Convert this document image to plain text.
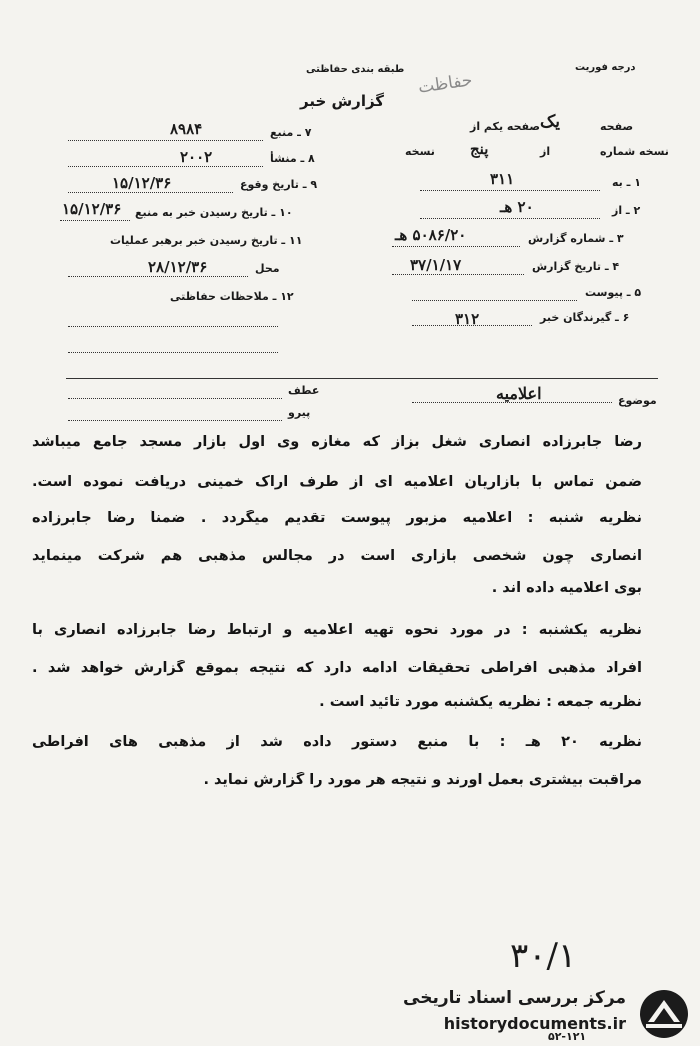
درجه فوریت
طبقه بندی حفاظتی
حفاظت
گزارش خبر
صفحه
یک
صفحه یکم از
نسخه شماره
از
پنج
نسخه
۱ ـ به
۳۱۱
۲ ـ از
۲۰ هـ
۳ ـ شماره گزارش
۵۰۸۶/۲۰ هـ
۴ ـ تاریخ گزارش
۳۷/۱/۱۷
۵ ـ پیوست
۶ ـ گیرندگان خبر
۳۱۲
۷ ـ منبع
۸۹۸۴
۸ ـ منشأ
۲۰۰۲
۹ ـ تاریخ وقوع
۱۵/۱۲/۳۶
۱۰ ـ تاریخ رسیدن خبر به منبع
۱۵/۱۲/۳۶
۱۱ ـ تاریخ رسیدن خبر برهبر عملیات
محل
۲۸/۱۲/۳۶
۱۲ ـ ملاحظات حفاظتی
موضوع
اعلامیه
عطف
پیرو
رضا جابرزاده انصاری شغل بزاز که مغازه وی اول بازار مسجد جامع میباشد
ضمن تماس با بازاریان اعلامیه ای از طرف اراک خمینی دریافت نموده است.
نظریه شنبه : اعلامیه مزبور پیوست تقدیم میگردد . ضمناً رضا جابرزاده
انصاری چون شخصی بازاری است در مجالس مذهبی هم شرکت مینماید
بوی اعلامیه داده اند .
نظریه یکشنبه : در مورد نحوه تهیه اعلامیه و ارتباط رضا جابرزاده انصاری با
افراد مذهبی افراطی تحقیقات ادامه دارد که نتیجه بموقع گزارش خواهد شد .
نظریه جمعه : نظریه یکشنبه مورد تائید است .
نظریه ۲۰ هـ : با منبع دستور داده شد از مذهبی های افراطی
مراقبت بیشتری بعمل آورند و نتیجه هر مورد را گزارش نماید .
۳۰/۱
۵۲-۱۲۱
مرکز بررسی اسناد تاریخی
historydocuments.ir
